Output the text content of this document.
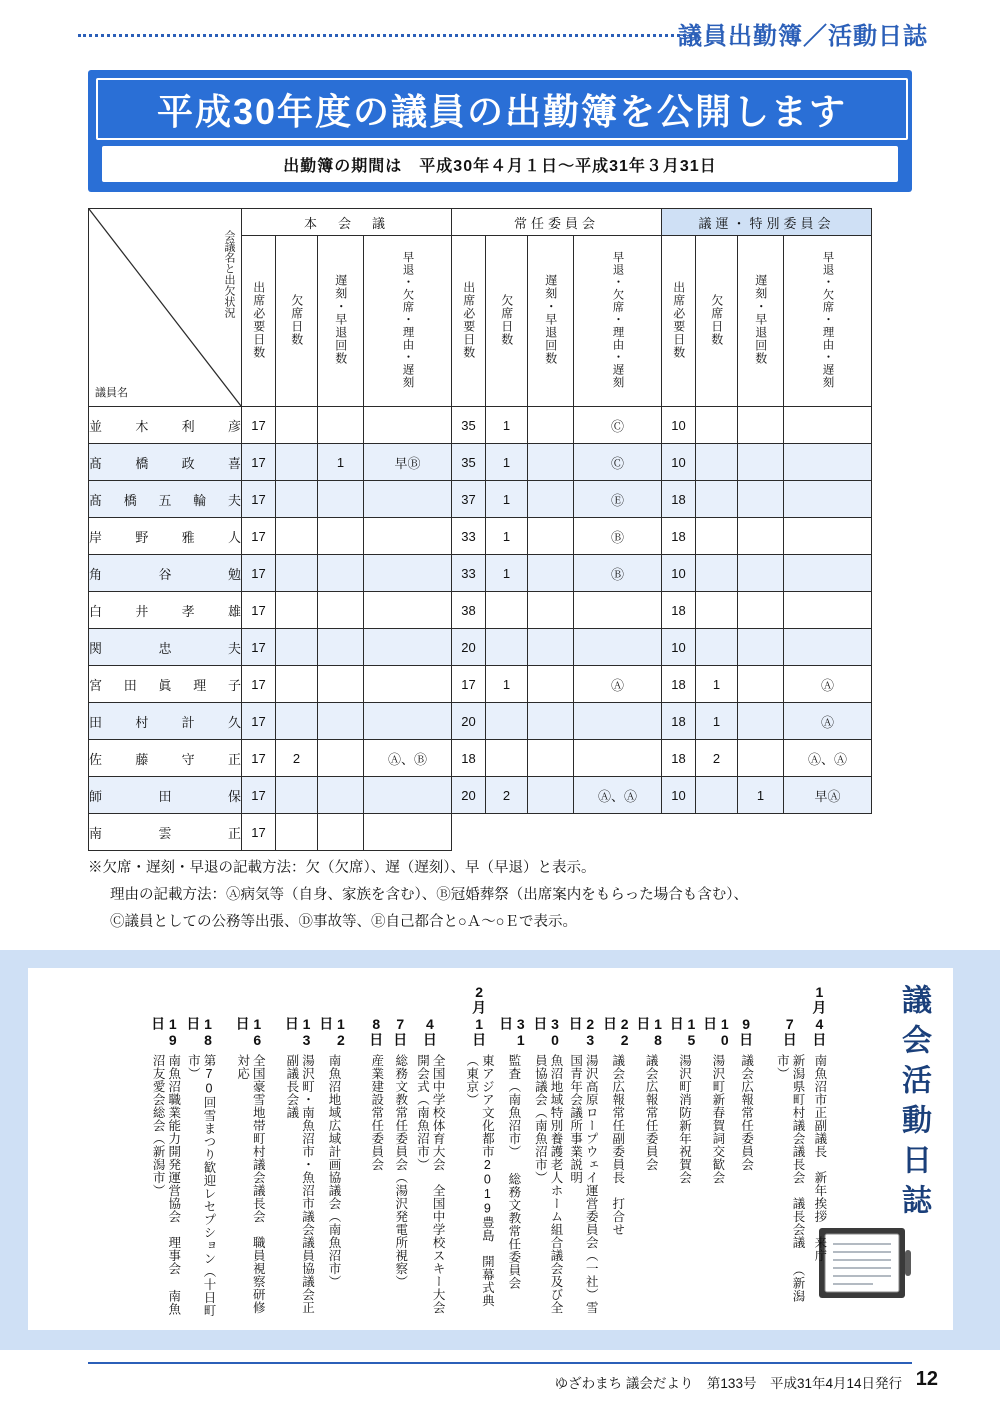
議員出勤簿／活動日誌
平成30年度の議員の出勤簿を公開します
出勤簿の期間は　平成30年４月１日〜平成31年３月31日
会議名と出欠状況
議員名	本　会　議				常任委員会				議運・特別委員会			
	出席必要日数	欠席日数	遅刻・早退回数	早退・欠席・理由・遅刻	出席必要日数	欠席日数	遅刻・早退回数	早退・欠席・理由・遅刻	出席必要日数	欠席日数	遅刻・早退回数	早退・欠席・理由・遅刻
並木利彦	17				35	1		Ⓒ	10			
髙橋政喜	17		1	早Ⓑ	35	1		Ⓒ	10			
髙橋五輪夫	17				37	1		Ⓔ	18			
岸野雅人	17				33	1		Ⓑ	18			
角谷勉	17				33	1		Ⓑ	10			
白井孝雄	17				38				18			
関忠夫	17				20				10			
宮田眞理子	17				17	1		Ⓐ	18	1		Ⓐ
田村計久	17				20				18	1		Ⓐ
佐藤守正	17	2		Ⓐ、Ⓑ	18				18	2		Ⓐ、Ⓐ
師田保	17				20	2		Ⓐ、Ⓐ	10		1	早Ⓐ
南雲正	17											
※欠席・遅刻・早退の記載方法：欠（欠席）、遅（遅刻）、早（早退）と表示。
理由の記載方法：Ⓐ病気等（自身、家族を含む）、Ⓑ冠婚葬祭（出席案内をもらった場合も含む）、
Ⓒ議員としての公務等出張、Ⓓ事故等、Ⓔ自己都合と○Ａ〜○Ｅで表示。
議会活動日誌
1月
4日
南魚沼市正副議長　新年挨拶　来庁
7日
新潟県町村議会議長会　議長会議 （新潟市）
9日
議会広報常任委員会
10日
湯沢町新春賀詞交歓会
15日
湯沢町消防新年祝賀会
18日
議会広報常任委員会
22日
議会広報常任副委員長　打合せ
23日
湯沢高原ロープウェイ運営委員会（一社）雪国青年会議所事業説明
30日
魚沼地域特別養護老人ホーム組合議会及び全員協議会（南魚沼市）
31日
監査（南魚沼市） 総務文教常任委員会
2月
1日
東アジア文化都市2019豊島　開幕式典（東京）
4日
全国中学校体育大会　全国中学校スキー大会　開会式（南魚沼市）
7日
総務文教常任委員会（湯沢発電所視察）
8日
産業建設常任委員会
12日
南魚沼地域広域計画協議会（南魚沼市）
13日
湯沢町・南魚沼市・魚沼市議会議員協議会正副議長会議
16日
全国豪雪地帯町村議会議長会　職員視察研修対応
18日
第70回雪まつり歓迎レセプション（十日町市）
19日
南魚沼職業能力開発運営協会　理事会 南魚沼友愛会総会（新潟市）
ゆざわまち 議会だより　第133号　平成31年4月14日発行 12
